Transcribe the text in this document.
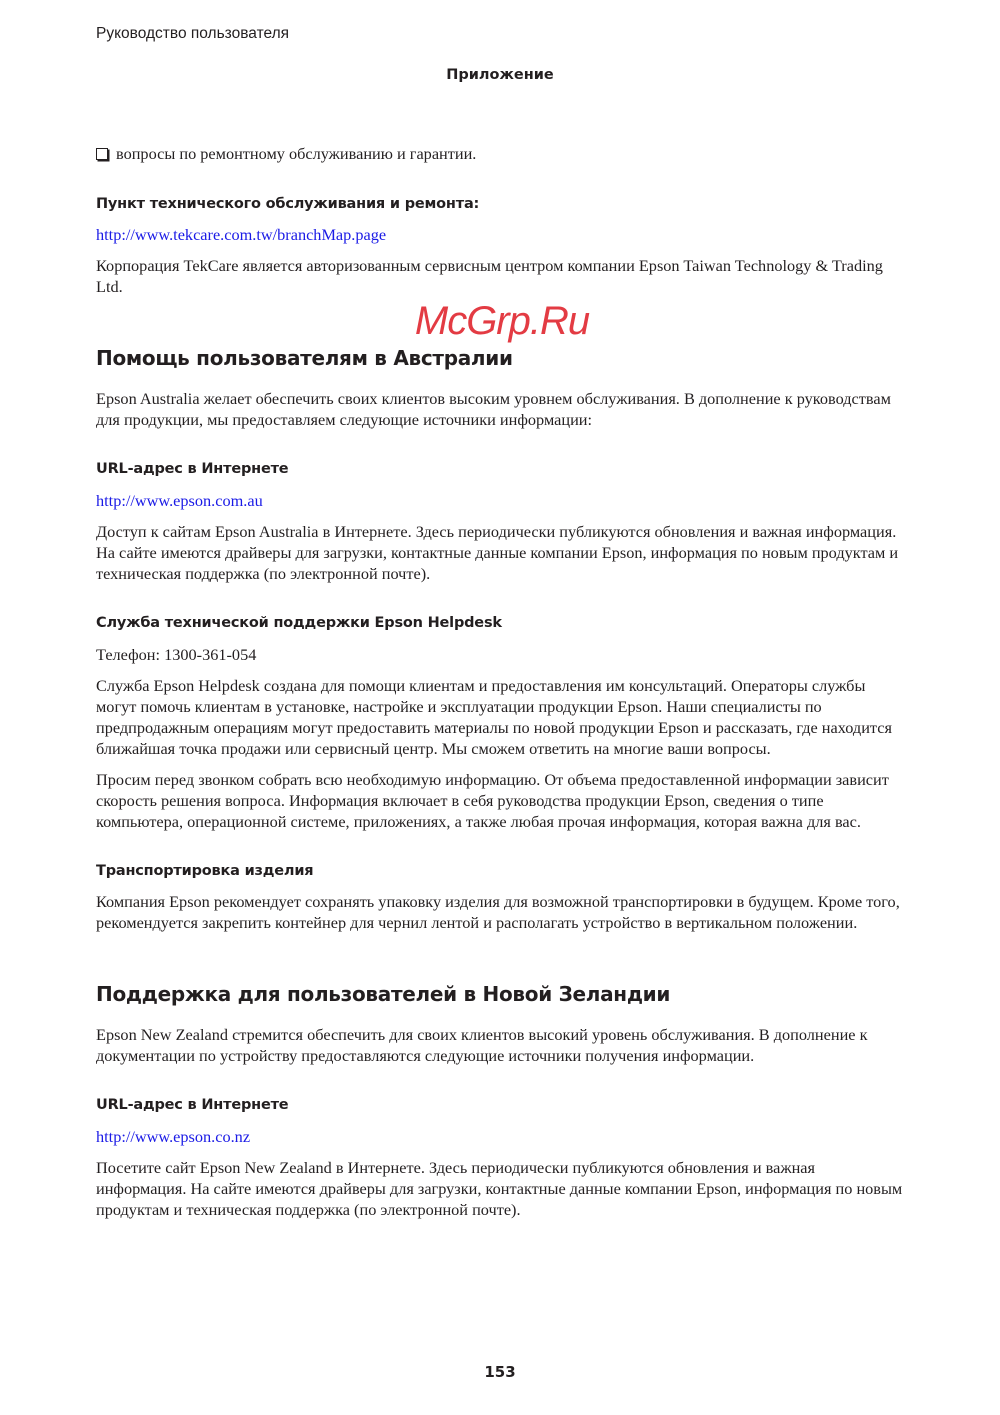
Руководство пользователя
Приложение
вопросы по ремонтному обслуживанию и гарантии.
Пункт технического обслуживания и ремонта:
http://www.tekcare.com.tw/branchMap.page
Корпорация TekCare является авторизованным сервисным центром компании Epson Taiwan Technology & Trading Ltd.
McGrp.Ru
Помощь пользователям в Австралии
Epson Australia желает обеспечить своих клиентов высоким уровнем обслуживания. В дополнение к руководствам для продукции, мы предоставляем следующие источники информации:
URL-адрес в Интернете
http://www.epson.com.au
Доступ к сайтам Epson Australia в Интернете. Здесь периодически публикуются обновления и важная информация. На сайте имеются драйверы для загрузки, контактные данные компании Epson, информация по новым продуктам и техническая поддержка (по электронной почте).
Служба технической поддержки Epson Helpdesk
Телефон: 1300-361-054
Служба Epson Helpdesk создана для помощи клиентам и предоставления им консультаций. Операторы службы могут помочь клиентам в установке, настройке и эксплуатации продукции Epson. Наши специалисты по предпродажным операциям могут предоставить материалы по новой продукции Epson и рассказать, где находится ближайшая точка продажи или сервисный центр. Мы сможем ответить на многие ваши вопросы.
Просим перед звонком собрать всю необходимую информацию. От объема предоставленной информации зависит скорость решения вопроса. Информация включает в себя руководства продукции Epson, сведения о типе компьютера, операционной системе, приложениях, а также любая прочая информация, которая важна для вас.
Транспортировка изделия
Компания Epson рекомендует сохранять упаковку изделия для возможной транспортировки в будущем. Кроме того, рекомендуется закрепить контейнер для чернил лентой и располагать устройство в вертикальном положении.
Поддержка для пользователей в Новой Зеландии
Epson New Zealand стремится обеспечить для своих клиентов высокий уровень обслуживания. В дополнение к документации по устройству предоставляются следующие источники получения информации.
URL-адрес в Интернете
http://www.epson.co.nz
Посетите сайт Epson New Zealand в Интернете. Здесь периодически публикуются обновления и важная информация. На сайте имеются драйверы для загрузки, контактные данные компании Epson, информация по новым продуктам и техническая поддержка (по электронной почте).
153
